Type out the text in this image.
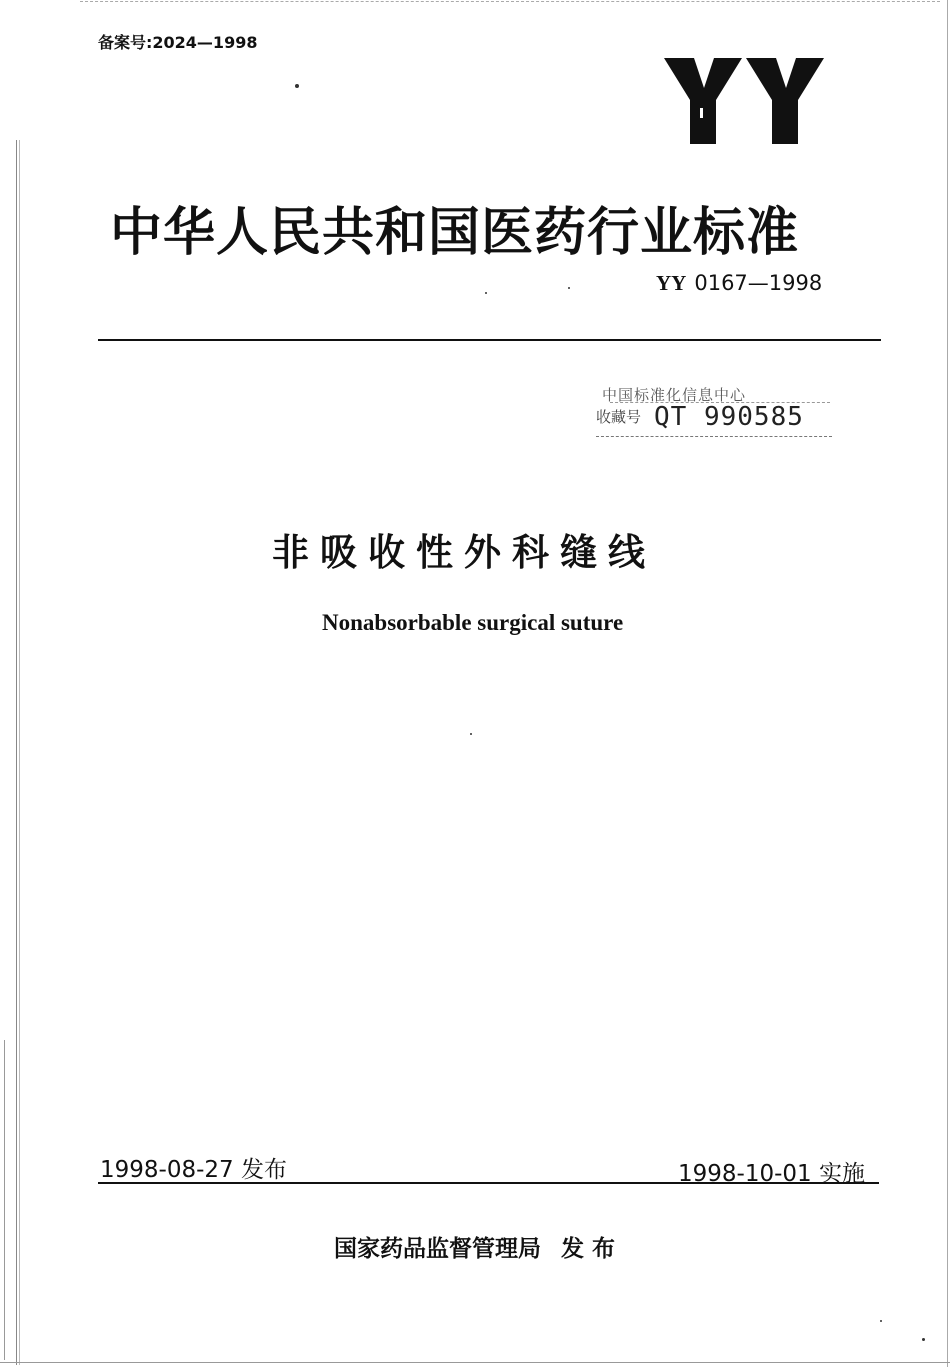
备案号:2024—1998
中华人民共和国医药行业标准
YY 0167—1998
中国标准化信息中心
收藏号 QT 990585
非吸收性外科缝线
Nonabsorbable surgical suture
1998-08-27 发布	1998-10-01 实施
国家药品监督管理局 发布
